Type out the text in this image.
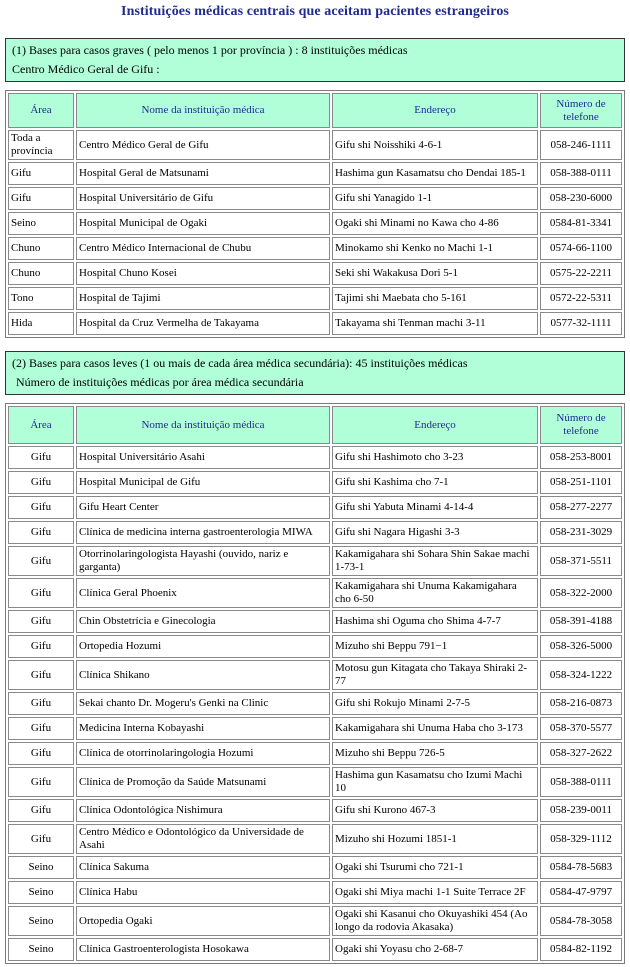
Instituições médicas centrais que aceitam pacientes estrangeiros
(1) Bases para casos graves ( pelo menos 1 por província ) : 8 instituições médicas
Centro Médico Geral de Gifu :
Área	Nome da instituição médica	Endereço	Número de telefone
Toda a província	Centro Médico Geral de Gifu	Gifu shi Noisshiki 4-6-1	058-246-1111
Gifu	Hospital Geral de Matsunami	Hashima gun Kasamatsu cho Dendai 185-1	058-388-0111
Gifu	Hospital Universitário de Gifu	Gifu shi Yanagido 1-1	058-230-6000
Seino	Hospital Municipal de Ogaki	Ogaki shi Minami no Kawa cho 4-86	0584-81-3341
Chuno	Centro Médico Internacional de Chubu	Minokamo shi Kenko no Machi 1-1	0574-66-1100
Chuno	Hospital Chuno Kosei	Seki shi Wakakusa Dori 5-1	0575-22-2211
Tono	Hospital de Tajimi	Tajimi shi Maebata cho 5-161	0572-22-5311
Hida	Hospital da Cruz Vermelha de Takayama	Takayama shi Tenman machi 3-11	0577-32-1111
(2) Bases para casos leves (1 ou mais de cada área médica secundária): 45 instituições médicas
Número de instituições médicas por área médica secundária
Área	Nome da instituição médica	Endereço	Número de telefone
Gifu	Hospital Universitário Asahi	Gifu shi Hashimoto cho 3-23	058-253-8001
Gifu	Hospital Municipal de Gifu	Gifu shi Kashima cho 7-1	058-251-1101
Gifu	Gifu Heart Center	Gifu shi Yabuta Minami 4-14-4	058-277-2277
Gifu	Clínica de medicina interna gastroenterologia MIWA	Gifu shi Nagara Higashi 3-3	058-231-3029
Gifu	Otorrinolaringologista Hayashi (ouvido, nariz e garganta)	Kakamigahara shi Sohara Shin Sakae machi 1-73-1	058-371-5511
Gifu	Clínica Geral Phoenix	Kakamigahara shi Unuma Kakamigahara cho 6-50	058-322-2000
Gifu	Chin Obstetrícia e Ginecologia	Hashima shi Oguma cho Shima 4-7-7	058-391-4188
Gifu	Ortopedia Hozumi	Mizuho shi Beppu 791−1	058-326-5000
Gifu	Clínica Shikano	Motosu gun Kitagata cho Takaya Shiraki 2-77	058-324-1222
Gifu	Sekai chanto Dr. Mogeru's Genki na Clinic	Gifu shi Rokujo Minami 2-7-5	058-216-0873
Gifu	Medicina Interna Kobayashi	Kakamigahara shi Unuma Haba cho 3-173	058-370-5577
Gifu	Clínica de otorrinolaringologia Hozumi	Mizuho shi Beppu 726-5	058-327-2622
Gifu	Clínica de Promoção da Saúde Matsunami	Hashima gun Kasamatsu cho Izumi Machi 10	058-388-0111
Gifu	Clínica Odontológica Nishimura	Gifu shi Kurono 467-3	058-239-0011
Gifu	Centro Médico e Odontológico da Universidade de Asahi	Mizuho shi Hozumi 1851-1	058-329-1112
Seino	Clínica Sakuma	Ogaki shi Tsurumi cho 721-1	0584-78-5683
Seino	Clínica Habu	Ogaki shi Miya machi 1-1 Suite Terrace 2F	0584-47-9797
Seino	Ortopedia Ogaki	Ogaki shi Kasanui cho Okuyashiki 454 (Ao longo da rodovia Akasaka)	0584-78-3058
Seino	Clínica Gastroenterologista Hosokawa	Ogaki shi Yoyasu cho 2-68-7	0584-82-1192
